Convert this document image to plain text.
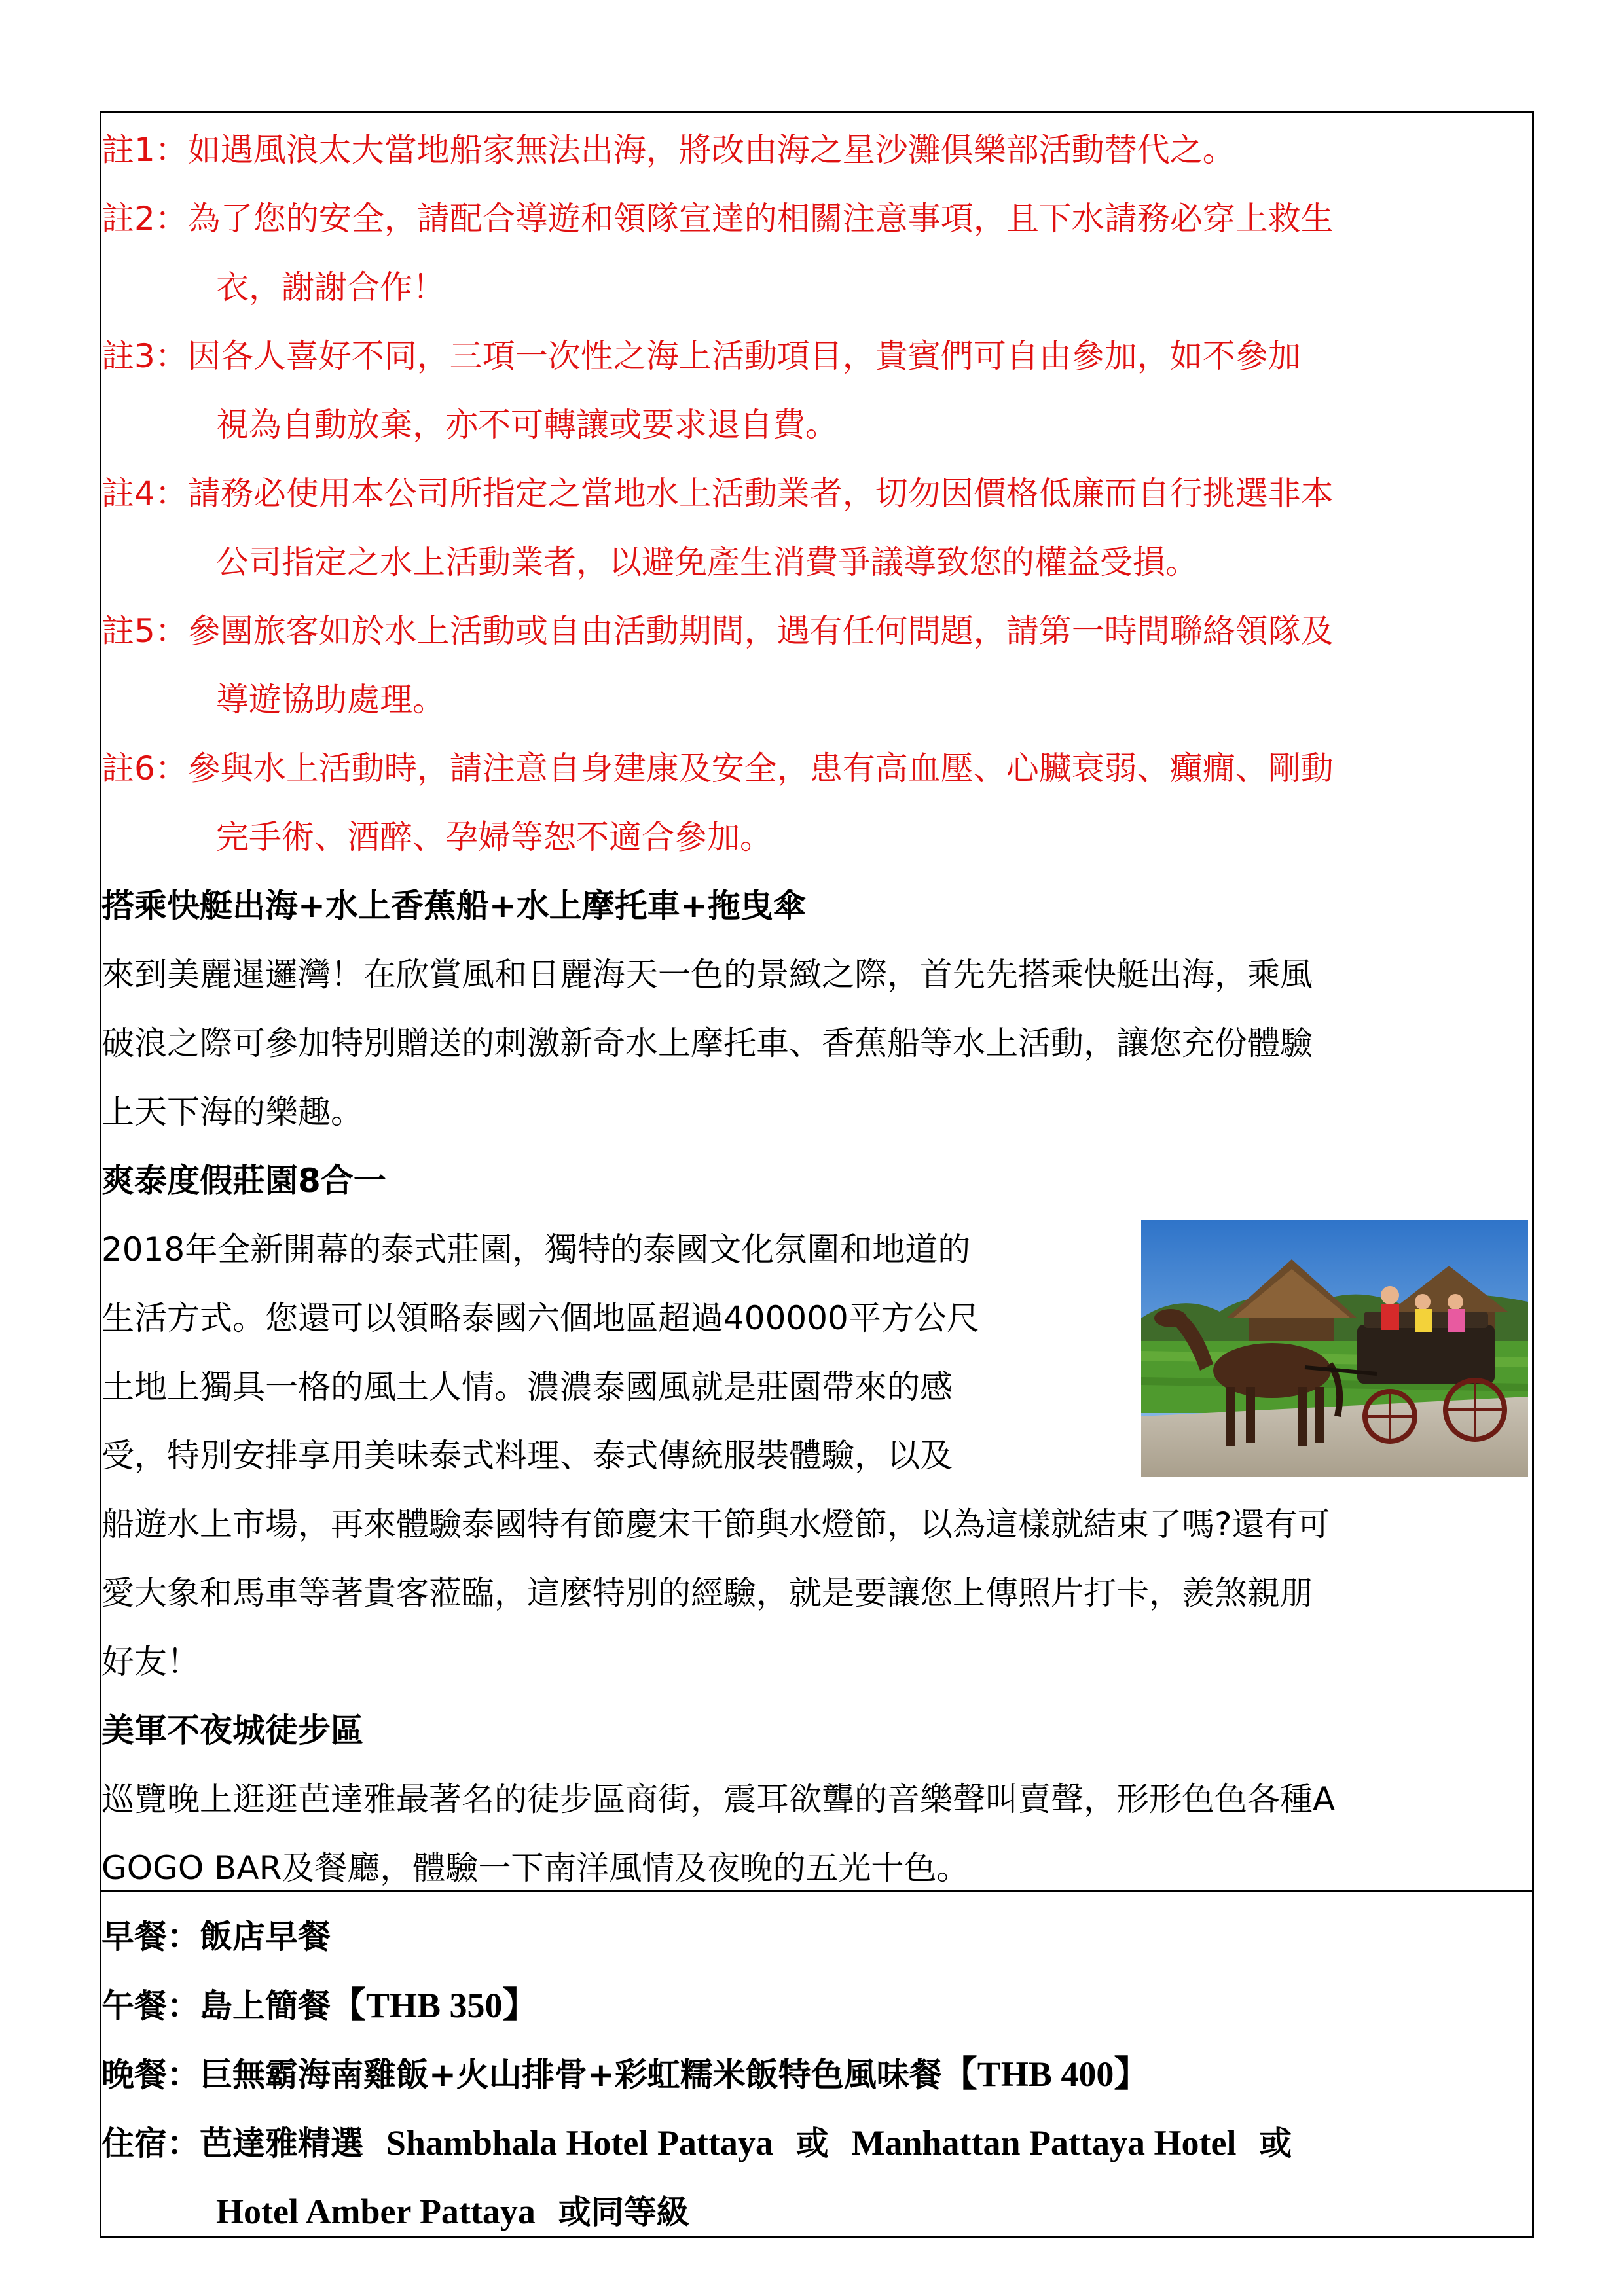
註1：如遇風浪太大當地船家無法出海，將改由海之星沙灘俱樂部活動替代之。

註2：為了您的安全，請配合導遊和領隊宣達的相關注意事項，且下水請務必穿上救生

衣，謝謝合作！

註3：因各人喜好不同，三項一次性之海上活動項目，貴賓們可自由參加，如不參加

視為自動放棄，亦不可轉讓或要求退自費。

註4：請務必使用本公司所指定之當地水上活動業者，切勿因價格低廉而自行挑選非本

公司指定之水上活動業者，以避免產生消費爭議導致您的權益受損。

註5：參團旅客如於水上活動或自由活動期間，遇有任何問題，請第一時間聯絡領隊及

導遊協助處理。

註6：參與水上活動時，請注意自身建康及安全，患有高血壓、心臟衰弱、癲癇、剛動

完手術、酒醉、孕婦等恕不適合參加。

搭乘快艇出海+水上香蕉船+水上摩托車+拖曳傘

來到美麗暹邏灣！在欣賞風和日麗海天一色的景緻之際，首先先搭乘快艇出海，乘風

破浪之際可參加特別贈送的刺激新奇水上摩托車、香蕉船等水上活動，讓您充份體驗

上天下海的樂趣。

爽泰度假莊園8合一

2018年全新開幕的泰式莊園，獨特的泰國文化氛圍和地道的

生活方式。您還可以領略泰國六個地區超過400000平方公尺

土地上獨具一格的風土人情。濃濃泰國風就是莊園帶來的感

受，特別安排享用美味泰式料理、泰式傳統服裝體驗，以及

船遊水上市場，再來體驗泰國特有節慶宋干節與水燈節，以為這樣就結束了嗎?還有可

愛大象和馬車等著貴客蒞臨，這麼特別的經驗，就是要讓您上傳照片打卡，羨煞親朋

好友！

美軍不夜城徒步區

巡覽晚上逛逛芭達雅最著名的徒步區商街，震耳欲聾的音樂聲叫賣聲，形形色色各種A

GOGO BAR及餐廳，體驗一下南洋風情及夜晚的五光十色。

早餐：飯店早餐

午餐：島上簡餐【THB 350】

晚餐：巨無霸海南雞飯+火山排骨+彩虹糯米飯特色風味餐【THB 400】

住宿：芭達雅精選 Shambhala Hotel Pattaya 或 Manhattan Pattaya Hotel 或

Hotel Amber Pattaya 或同等級
